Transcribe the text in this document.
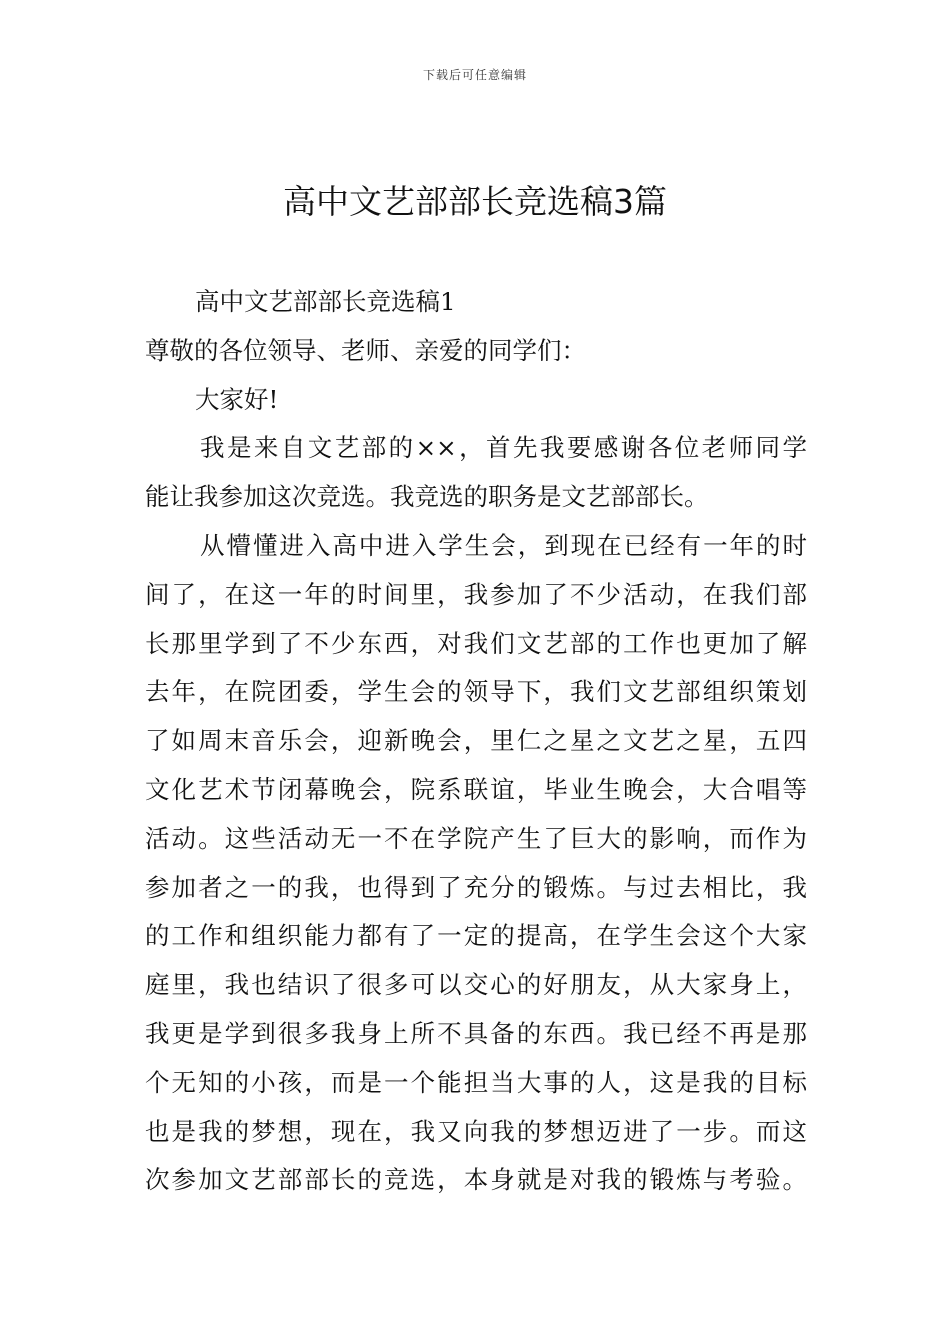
下载后可任意编辑
高中文艺部部长竞选稿3篇
高中文艺部部长竞选稿1
尊敬的各位领导、老师、亲爱的同学们：
大家好!
我是来自文艺部的××，首先我要感谢各位老师同学
能让我参加这次竞选。我竞选的职务是文艺部部长。
从懵懂进入高中进入学生会，到现在已经有一年的时
间了，在这一年的时间里，我参加了不少活动，在我们部
长那里学到了不少东西，对我们文艺部的工作也更加了解
去年，在院团委，学生会的领导下，我们文艺部组织策划
了如周末音乐会，迎新晚会，里仁之星之文艺之星，五四
文化艺术节闭幕晚会，院系联谊，毕业生晚会，大合唱等
活动。这些活动无一不在学院产生了巨大的影响，而作为
参加者之一的我，也得到了充分的锻炼。与过去相比，我
的工作和组织能力都有了一定的提高，在学生会这个大家
庭里，我也结识了很多可以交心的好朋友，从大家身上，
我更是学到很多我身上所不具备的东西。我已经不再是那
个无知的小孩，而是一个能担当大事的人，这是我的目标
也是我的梦想，现在，我又向我的梦想迈进了一步。而这
次参加文艺部部长的竞选，本身就是对我的锻炼与考验。
